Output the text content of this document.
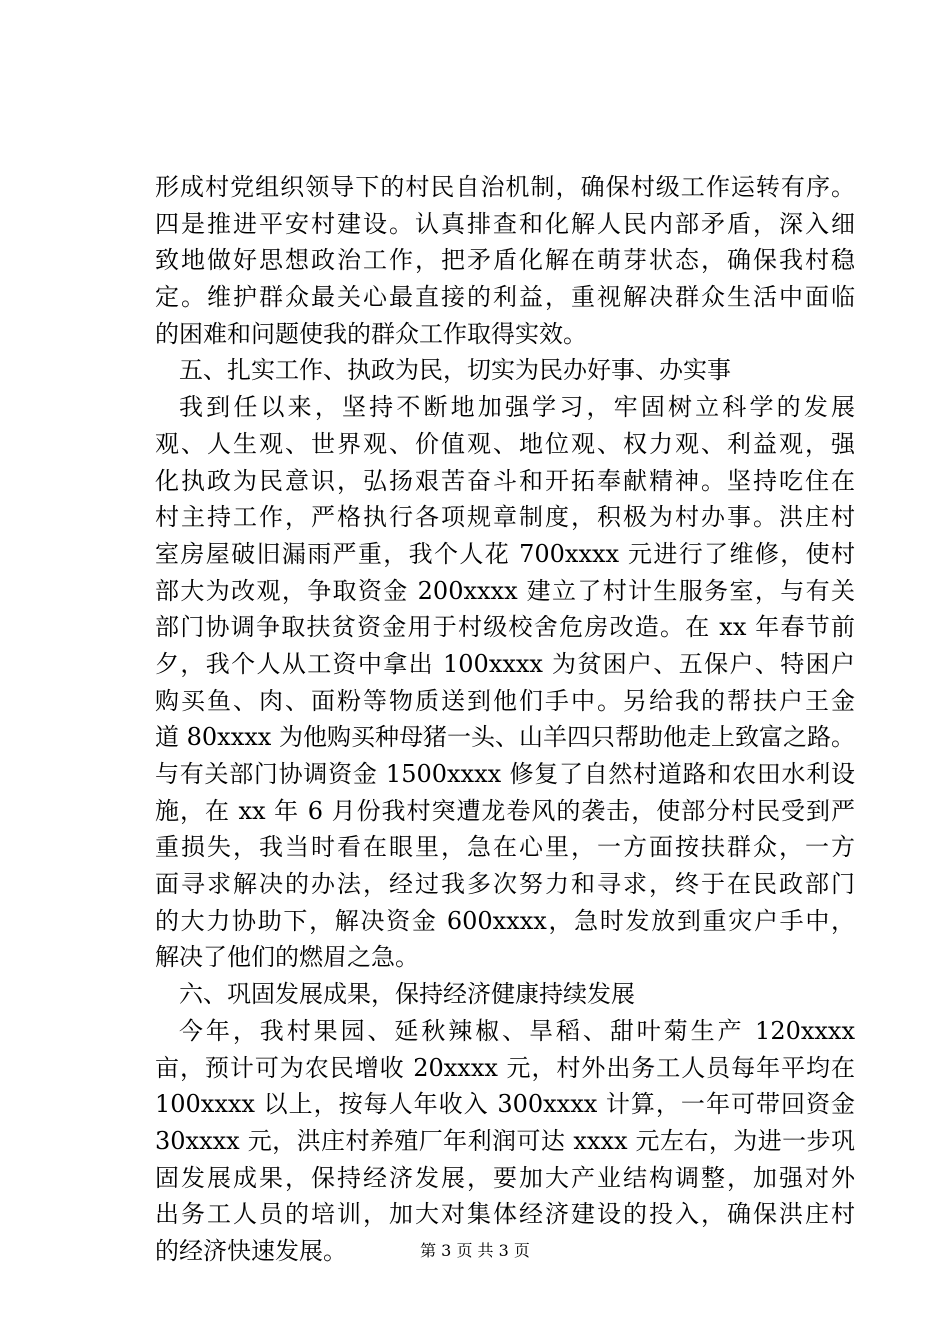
形成村党组织领导下的村民自治机制，确保村级工作运转有序。
四是推进平安村建设。认真排查和化解人民内部矛盾，深入细
致地做好思想政治工作，把矛盾化解在萌芽状态，确保我村稳
定。维护群众最关心最直接的利益，重视解决群众生活中面临
的困难和问题使我的群众工作取得实效。
五、扎实工作、执政为民，切实为民办好事、办实事
我到任以来，坚持不断地加强学习，牢固树立科学的发展
观、人生观、世界观、价值观、地位观、权力观、利益观，强
化执政为民意识，弘扬艰苦奋斗和开拓奉献精神。坚持吃住在
村主持工作，严格执行各项规章制度，积极为村办事。洪庄村
室房屋破旧漏雨严重，我个人花 700xxxx 元进行了维修，使村
部大为改观，争取资金 200xxxx 建立了村计生服务室，与有关
部门协调争取扶贫资金用于村级校舍危房改造。在 xx 年春节前
夕，我个人从工资中拿出 100xxxx 为贫困户、五保户、特困户
购买鱼、肉、面粉等物质送到他们手中。另给我的帮扶户王金
道 80xxxx 为他购买种母猪一头、山羊四只帮助他走上致富之路。
与有关部门协调资金 1500xxxx 修复了自然村道路和农田水利设
施，在 xx 年 6 月份我村突遭龙卷风的袭击，使部分村民受到严
重损失，我当时看在眼里，急在心里，一方面按扶群众，一方
面寻求解决的办法，经过我多次努力和寻求，终于在民政部门
的大力协助下，解决资金 600xxxx，急时发放到重灾户手中，
解决了他们的燃眉之急。
六、巩固发展成果，保持经济健康持续发展
今年，我村果园、延秋辣椒、旱稻、甜叶菊生产 120xxxx
亩，预计可为农民增收 20xxxx 元，村外出务工人员每年平均在
100xxxx 以上，按每人年收入 300xxxx 计算，一年可带回资金
30xxxx 元，洪庄村养殖厂年利润可达 xxxx 元左右，为进一步巩
固发展成果，保持经济发展，要加大产业结构调整，加强对外
出务工人员的培训，加大对集体经济建设的投入，确保洪庄村
的经济快速发展。	第 3 页 共 3 页
